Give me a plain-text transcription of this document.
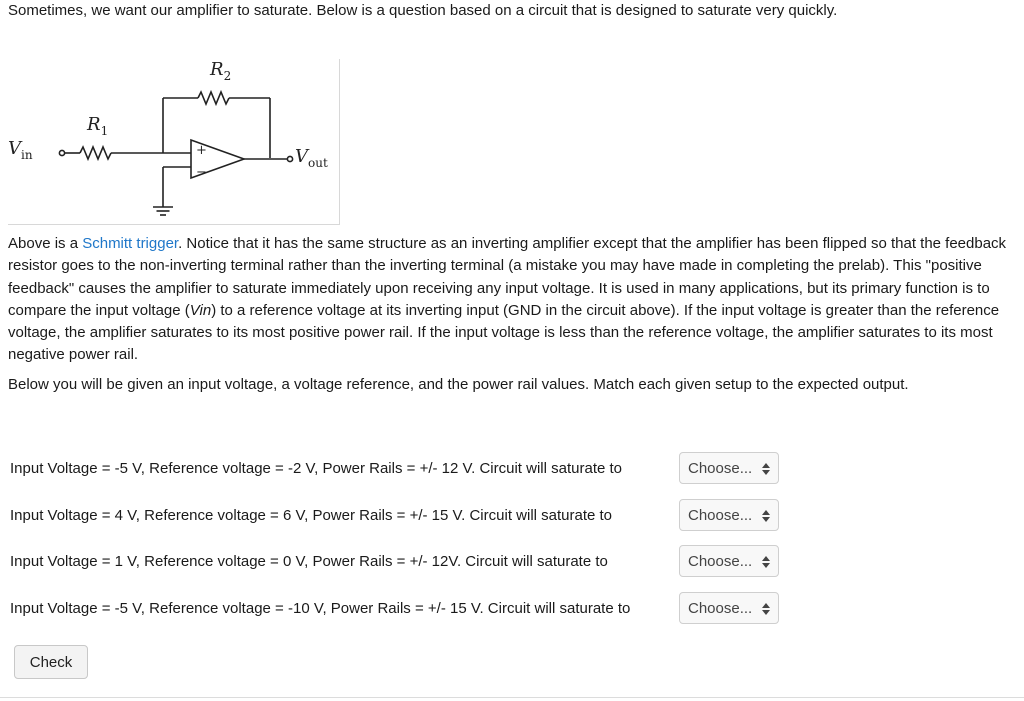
Sometimes, we want our amplifier to saturate. Below is a question based on a circuit that is designed to saturate very quickly.
+
−
$R_2$
$R_1$
$V_{in}$	$V_{out}$

Above is a Schmitt trigger. Notice that it has the same structure as an inverting amplifier except that the amplifier has been flipped so that the feedback resistor goes to the non-inverting terminal rather than the inverting terminal (a mistake you may have made in completing the prelab). This "positive feedback" causes the amplifier to saturate immediately upon receiving any input voltage. It is used in many applications, but its primary function is to compare the input voltage (Vin) to a reference voltage at its inverting input (GND in the circuit above). If the input voltage is greater than the reference voltage, the amplifier saturates to its most positive power rail. If the input voltage is less than the reference voltage, the amplifier saturates to its most negative power rail.

Below you will be given an input voltage, a voltage reference, and the power rail values. Match each given setup to the expected output.

Input Voltage = -5 V, Reference voltage = -2 V, Power Rails = +/- 12 V. Circuit will saturate to	Choose...
Input Voltage = 4 V, Reference voltage = 6 V, Power Rails = +/- 15 V. Circuit will saturate to	Choose...
Input Voltage = 1 V, Reference voltage = 0 V, Power Rails = +/- 12V. Circuit will saturate to	Choose...
Input Voltage = -5 V, Reference voltage = -10 V, Power Rails = +/- 15 V. Circuit will saturate to	Choose...
Check
